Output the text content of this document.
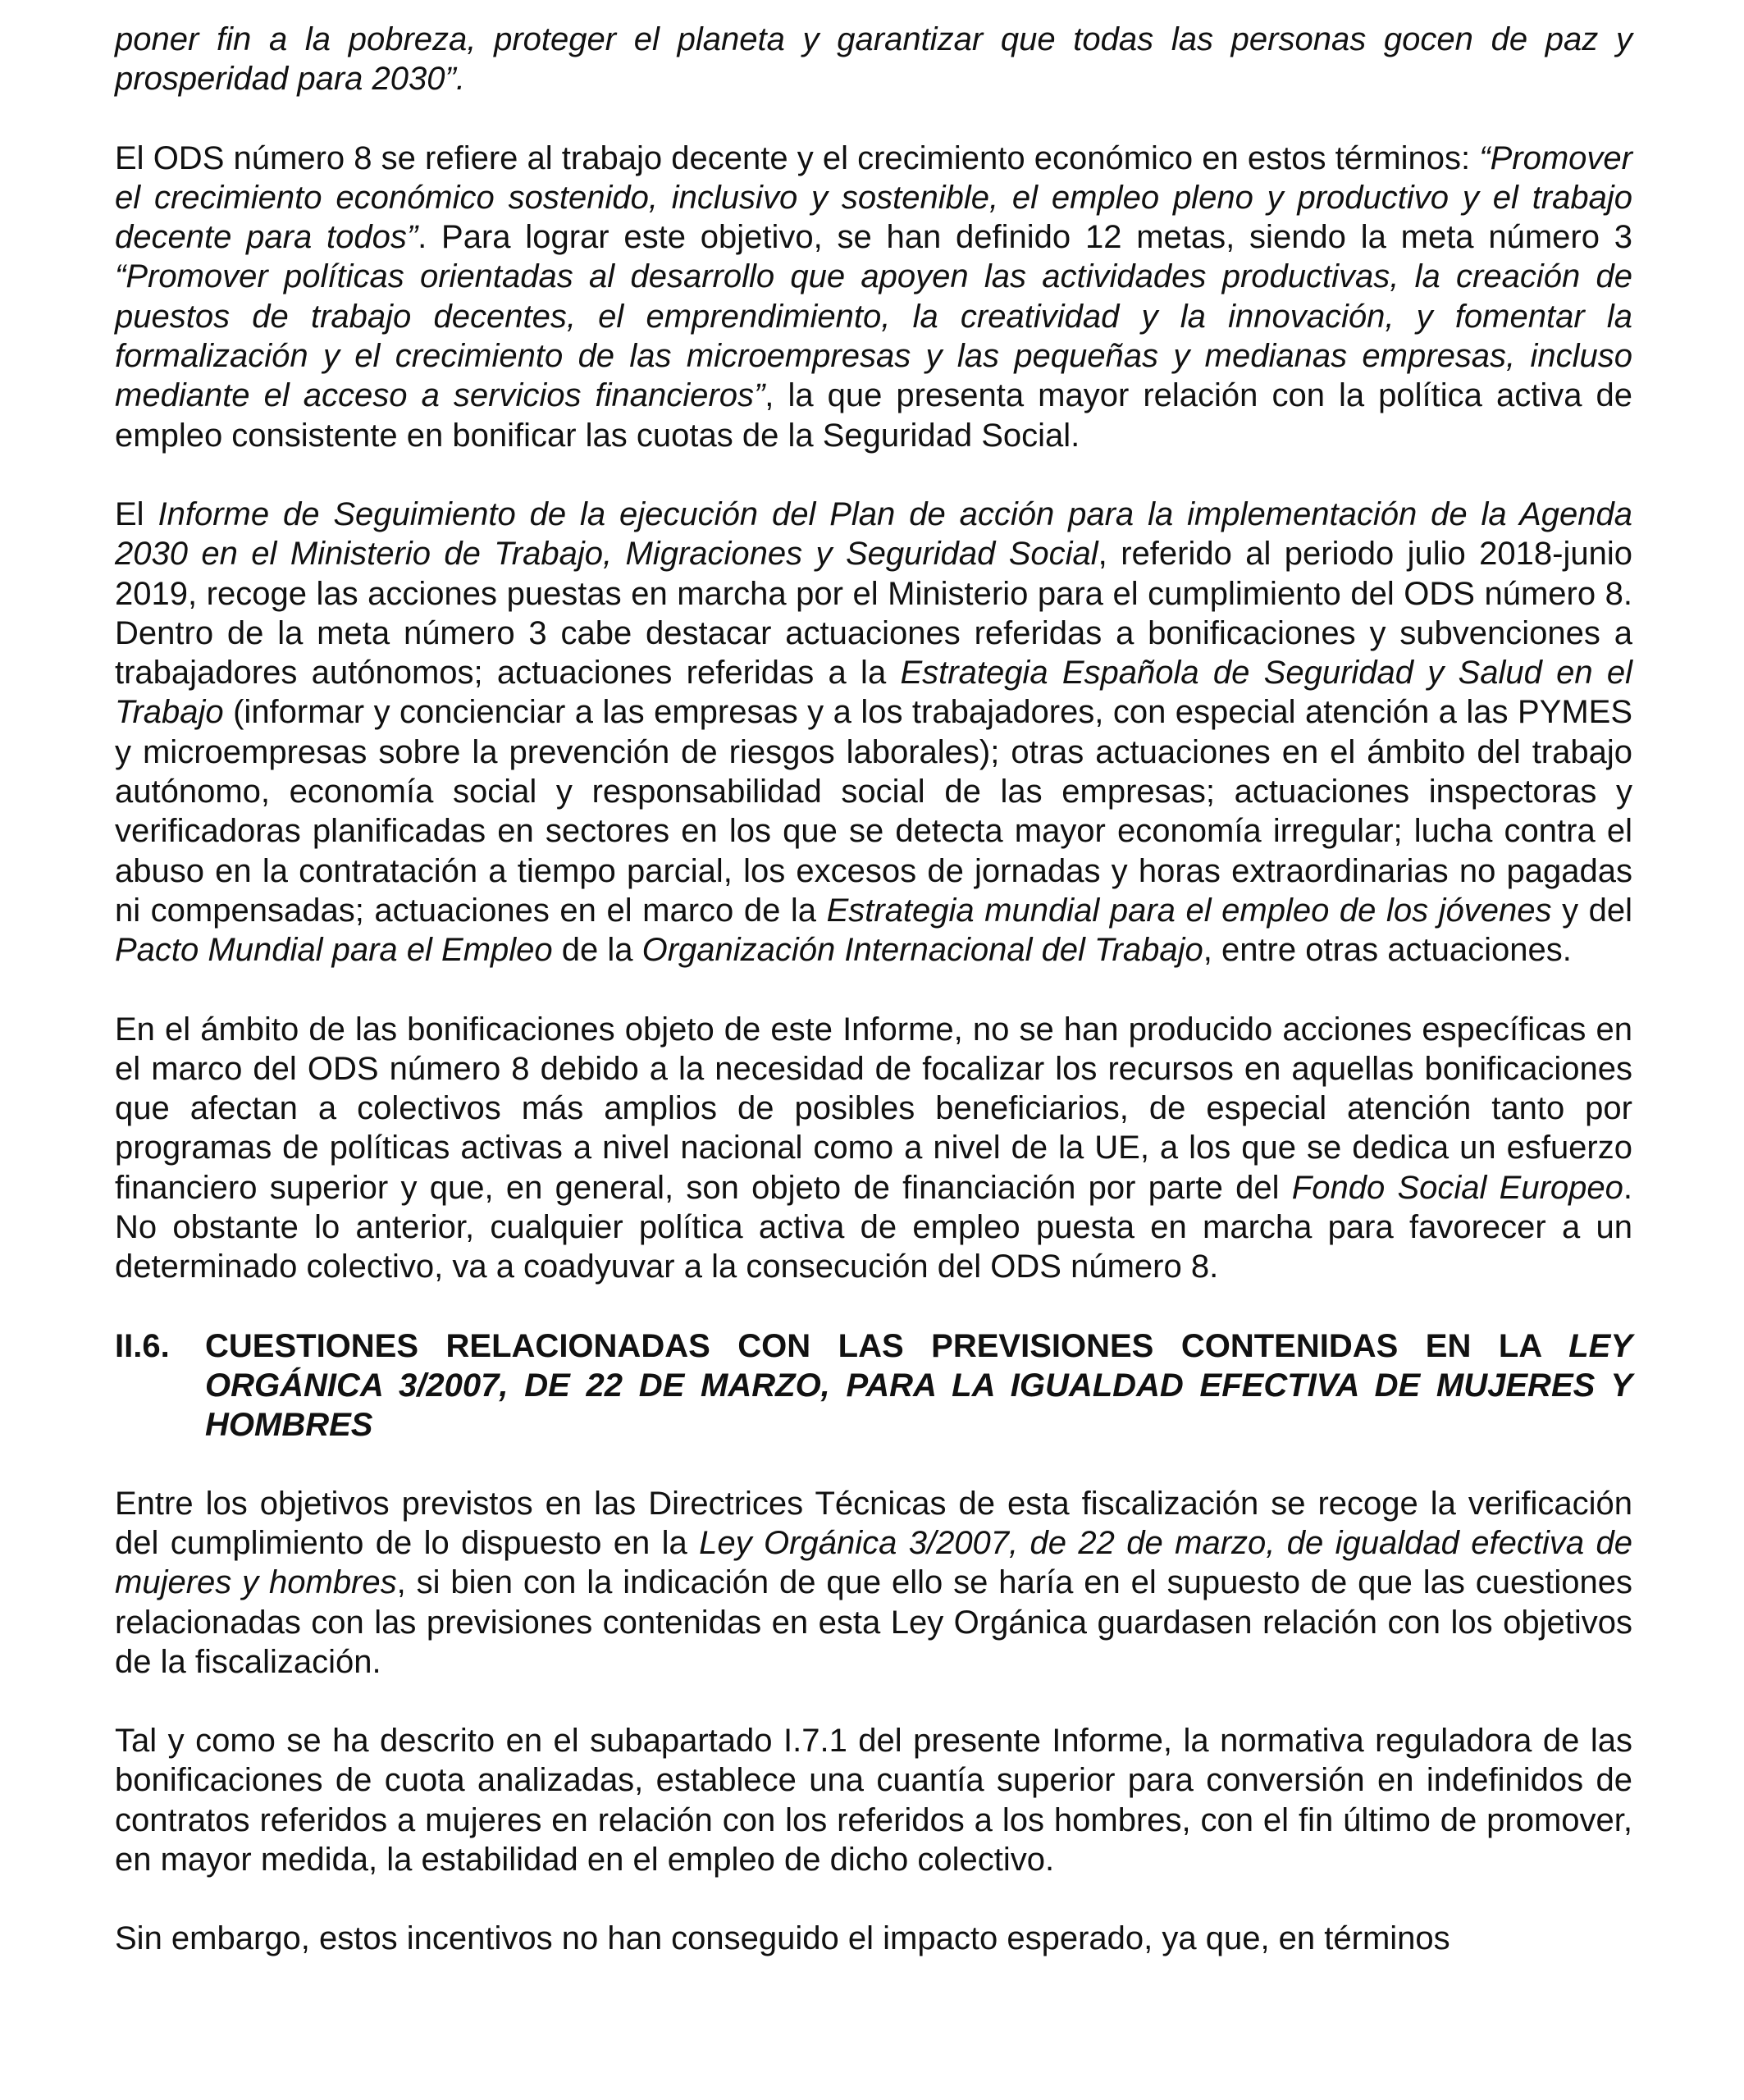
poner fin a la pobreza, proteger el planeta y garantizar que todas las personas gocen de paz y prosperidad para 2030”.

El ODS número 8 se refiere al trabajo decente y el crecimiento económico en estos términos: “Promover el crecimiento económico sostenido, inclusivo y sostenible, el empleo pleno y productivo y el trabajo decente para todos”. Para lograr este objetivo, se han definido 12 metas, siendo la meta número 3 “Promover políticas orientadas al desarrollo que apoyen las actividades productivas, la creación de puestos de trabajo decentes, el emprendimiento, la creatividad y la innovación, y fomentar la formalización y el crecimiento de las microempresas y las pequeñas y medianas empresas, incluso mediante el acceso a servicios financieros”, la que presenta mayor relación con la política activa de empleo consistente en bonificar las cuotas de la Seguridad Social.

El Informe de Seguimiento de la ejecución del Plan de acción para la implementación de la Agenda 2030 en el Ministerio de Trabajo, Migraciones y Seguridad Social, referido al periodo julio 2018-junio 2019, recoge las acciones puestas en marcha por el Ministerio para el cumplimiento del ODS número 8. Dentro de la meta número 3 cabe destacar actuaciones referidas a bonificaciones y subvenciones a trabajadores autónomos; actuaciones referidas a la Estrategia Española de Seguridad y Salud en el Trabajo (informar y concienciar a las empresas y a los trabajadores, con especial atención a las PYMES y microempresas sobre la prevención de riesgos laborales); otras actuaciones en el ámbito del trabajo autónomo, economía social y responsabilidad social de las empresas; actuaciones inspectoras y verificadoras planificadas en sectores en los que se detecta mayor economía irregular; lucha contra el abuso en la contratación a tiempo parcial, los excesos de jornadas y horas extraordinarias no pagadas ni compensadas; actuaciones en el marco de la Estrategia mundial para el empleo de los jóvenes y del Pacto Mundial para el Empleo de la Organización Internacional del Trabajo, entre otras actuaciones.

En el ámbito de las bonificaciones objeto de este Informe, no se han producido acciones específicas en el marco del ODS número 8 debido a la necesidad de focalizar los recursos en aquellas bonificaciones que afectan a colectivos más amplios de posibles beneficiarios, de especial atención tanto por programas de políticas activas a nivel nacional como a nivel de la UE, a los que se dedica un esfuerzo financiero superior y que, en general, son objeto de financiación por parte del Fondo Social Europeo. No obstante lo anterior, cualquier política activa de empleo puesta en marcha para favorecer a un determinado colectivo, va a coadyuvar a la consecución del ODS número 8.

II.6.	CUESTIONES RELACIONADAS CON LAS PREVISIONES CONTENIDAS EN LA LEY ORGÁNICA 3/2007, DE 22 DE MARZO, PARA LA IGUALDAD EFECTIVA DE MUJERES Y HOMBRES

Entre los objetivos previstos en las Directrices Técnicas de esta fiscalización se recoge la verificación del cumplimiento de lo dispuesto en la Ley Orgánica 3/2007, de 22 de marzo, de igualdad efectiva de mujeres y hombres, si bien con la indicación de que ello se haría en el supuesto de que las cuestiones relacionadas con las previsiones contenidas en esta Ley Orgánica guardasen relación con los objetivos de la fiscalización.

Tal y como se ha descrito en el subapartado I.7.1 del presente Informe, la normativa reguladora de las bonificaciones de cuota analizadas, establece una cuantía superior para conversión en indefinidos de contratos referidos a mujeres en relación con los referidos a los hombres, con el fin último de promover, en mayor medida, la estabilidad en el empleo de dicho colectivo.

Sin embargo, estos incentivos no han conseguido el impacto esperado, ya que, en términos
